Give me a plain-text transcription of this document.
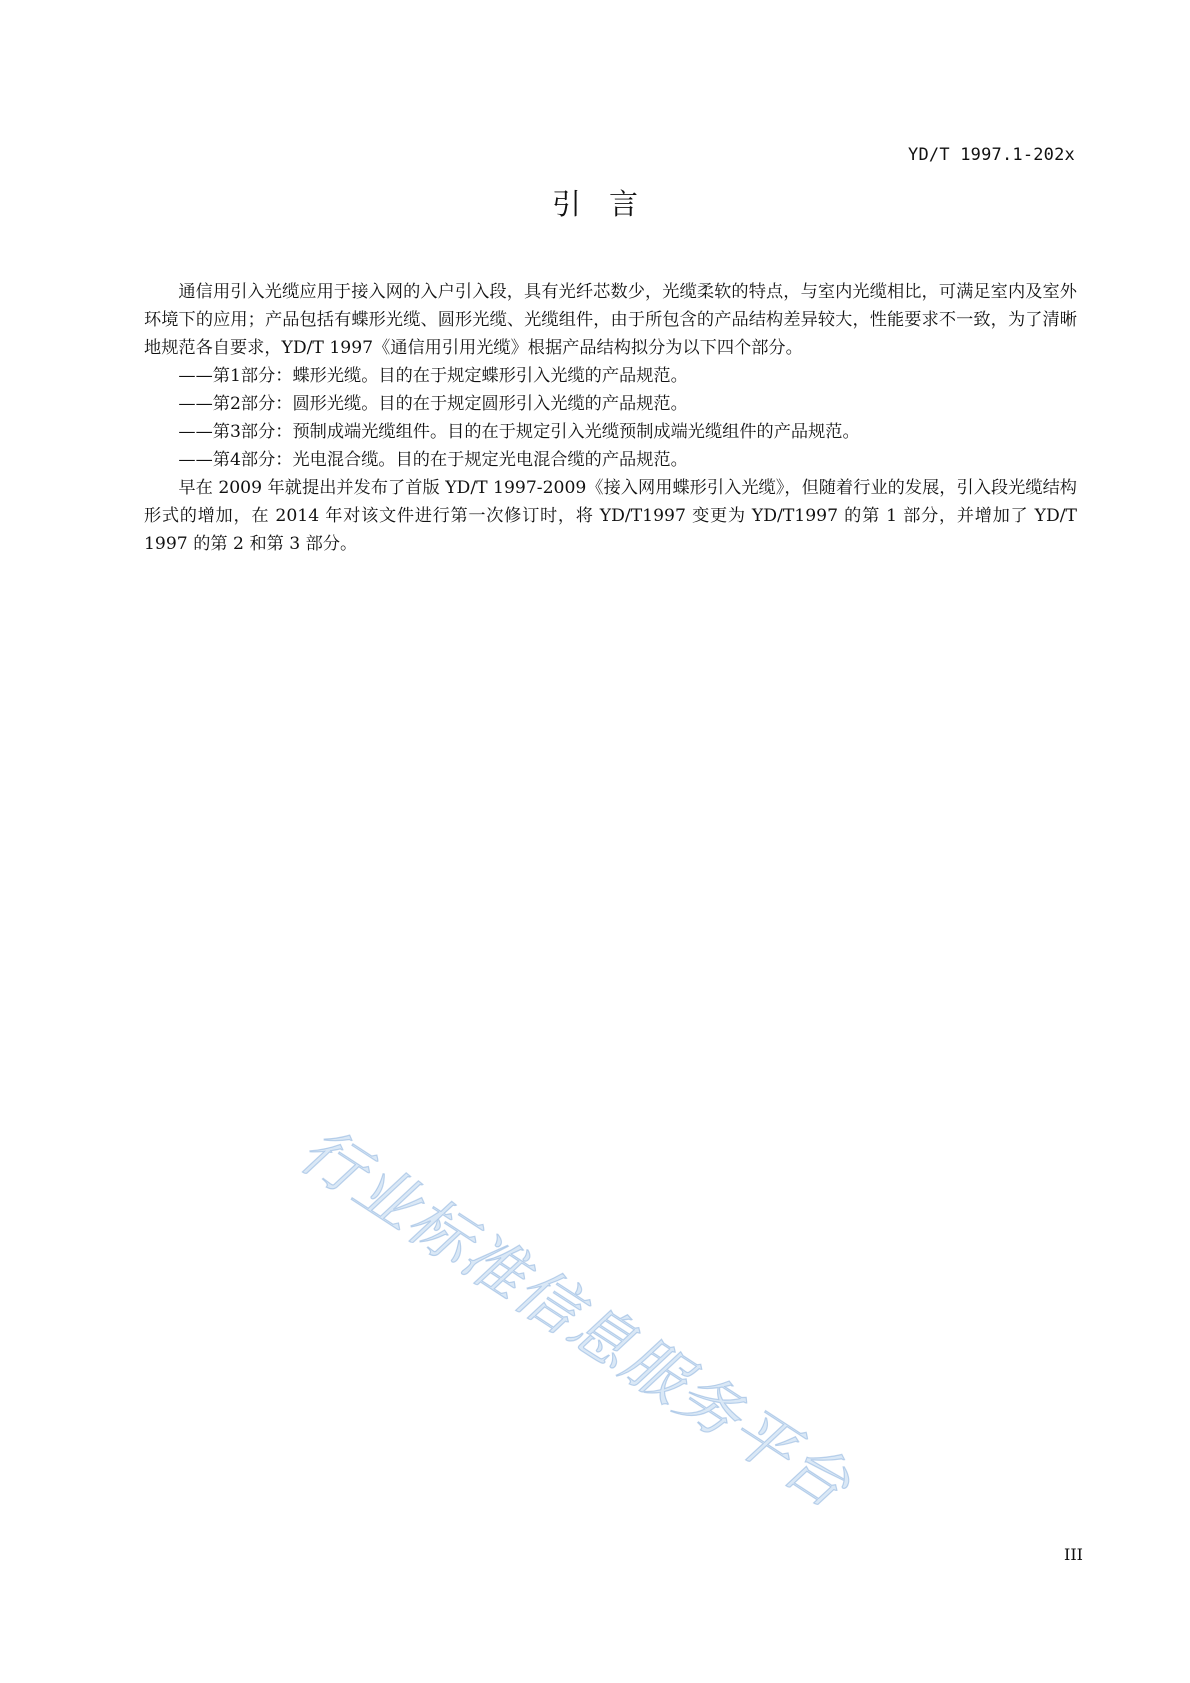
YD/T 1997.1-202x
引言

通信用引入光缆应用于接入网的入户引入段，具有光纤芯数少，光缆柔软的特点，与室内光缆相比，可满足室内及室外环境下的应用；产品包括有蝶形光缆、圆形光缆、光缆组件，由于所包含的产品结构差异较大，性能要求不一致，为了清晰地规范各自要求，YD/T 1997《通信用引用光缆》根据产品结构拟分为以下四个部分。

——第1部分：蝶形光缆。目的在于规定蝶形引入光缆的产品规范。

——第2部分：圆形光缆。目的在于规定圆形引入光缆的产品规范。

——第3部分：预制成端光缆组件。目的在于规定引入光缆预制成端光缆组件的产品规范。

——第4部分：光电混合缆。目的在于规定光电混合缆的产品规范。

早在 2009 年就提出并发布了首版 YD/T 1997-2009《接入网用蝶形引入光缆》，但随着行业的发展，引入段光缆结构形式的增加，在 2014 年对该文件进行第一次修订时，将 YD/T1997 变更为 YD/T1997 的第 1 部分，并增加了 YD/T 1997 的第 2 和第 3 部分。

行业标准信息服务平台
III
